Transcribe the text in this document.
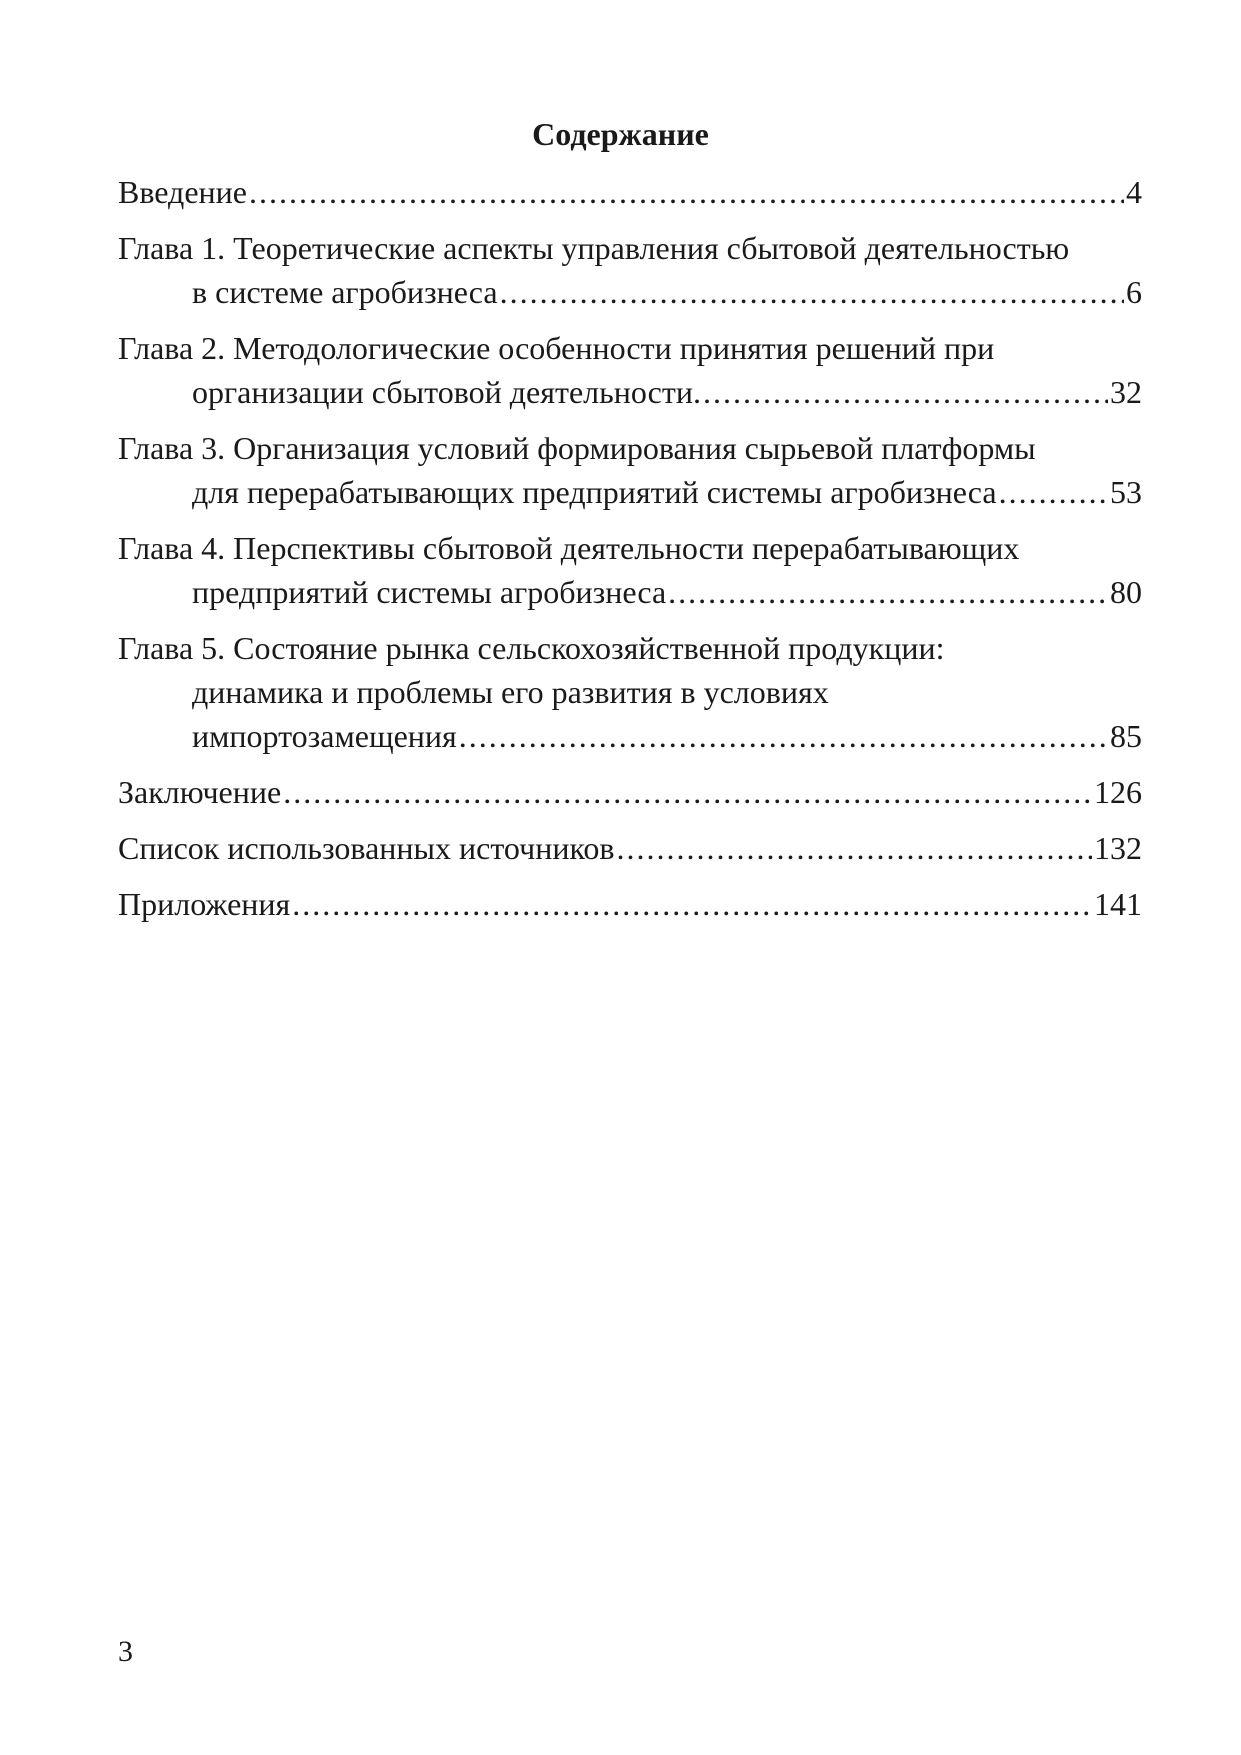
Содержание
Введение . . .	4
Глава 1. Теоретические аспекты управления сбытовой деятельностью
в системе агробизнеса . . .	6
Глава 2. Методологические особенности принятия решений при
организации сбытовой деятельности. . . .	32
Глава 3. Организация условий формирования сырьевой платформы
для перерабатывающих предприятий системы агробизнеса . . .	53
Глава 4. Перспективы сбытовой деятельности перерабатывающих
предприятий системы агробизнеса . . .	80
Глава 5. Состояние рынка сельскохозяйственной продукции:
динамика и проблемы его развития в условиях
импортозамещения . . .	85
Заключение . . .	126
Список использованных источников . . .	132
Приложения . . .	141
3
